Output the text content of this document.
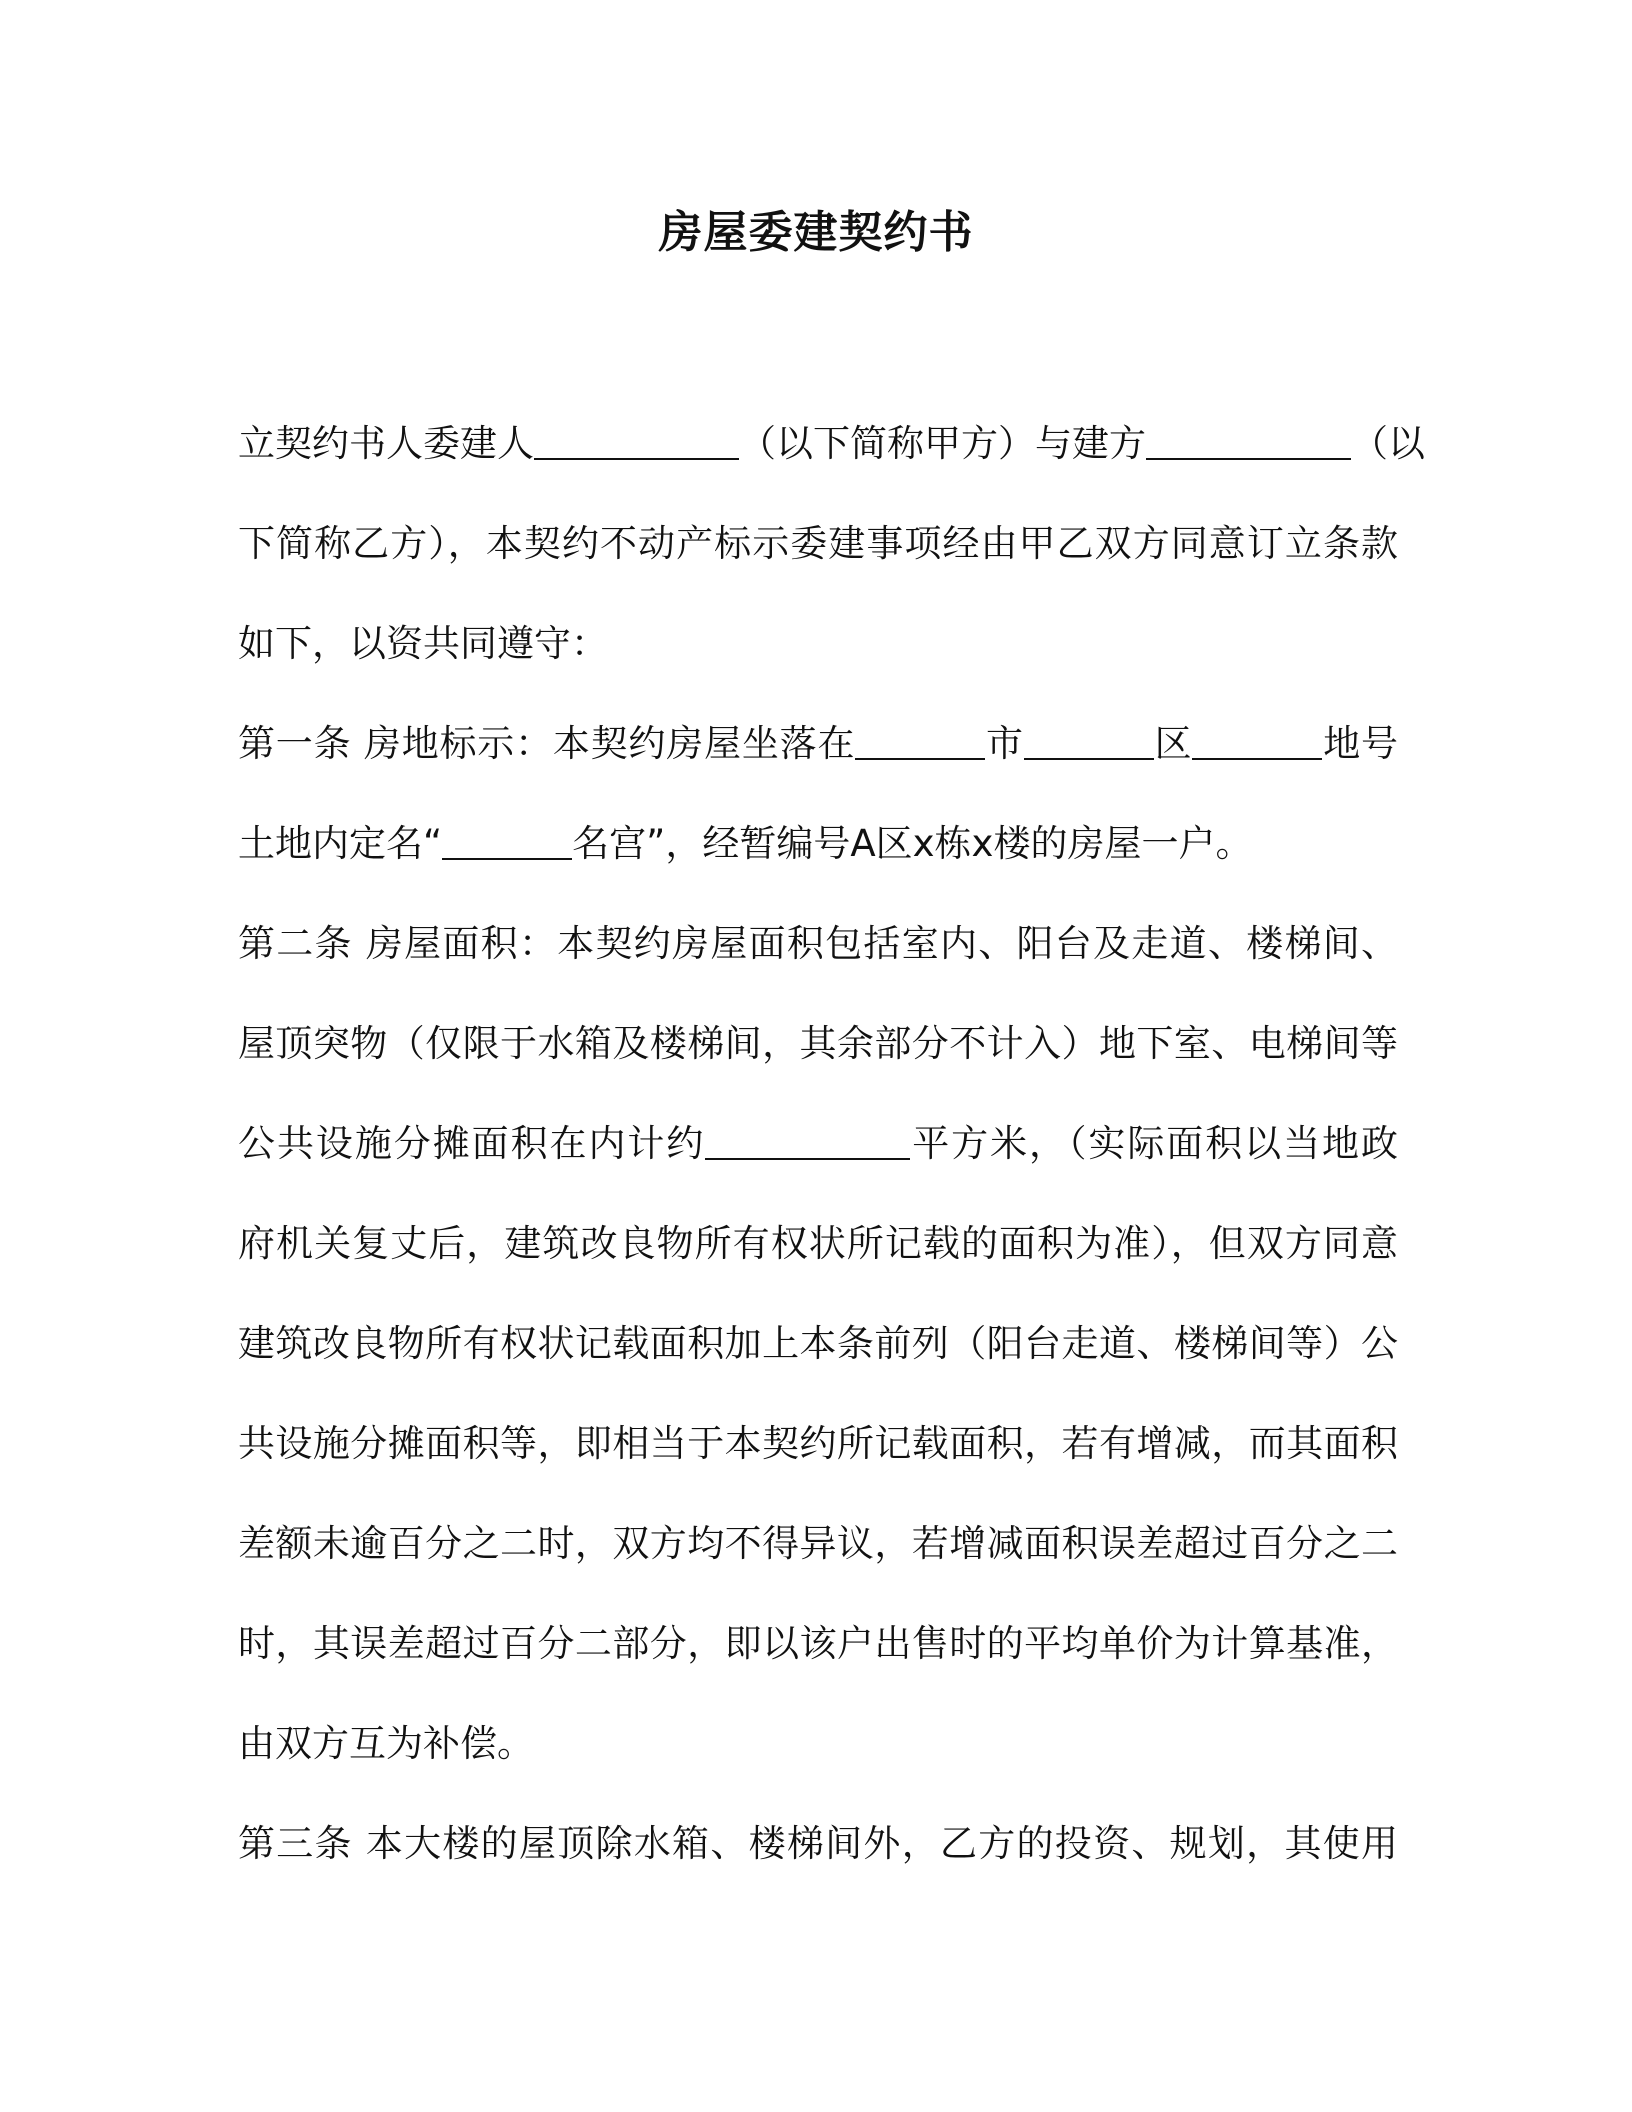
房屋委建契约书
立契约书人委建人	（以下简称甲方）与建方	（以
下简称乙方），本契约不动产标示委建事项经由甲乙双方同意订立条款
如下，以资共同遵守：
第一条 房地标示：本契约房屋坐落在	市	区	地号
土地内定名“	名宫”，经暂编号A区x栋x楼的房屋一户。
第二条 房屋面积：本契约房屋面积包括室内、阳台及走道、楼梯间、
屋顶突物（仅限于水箱及楼梯间，其余部分不计入）地下室、电梯间等
公共设施分摊面积在内计约	平方米，（实际面积以当地政
府机关复丈后，建筑改良物所有权状所记载的面积为准），但双方同意
建筑改良物所有权状记载面积加上本条前列（阳台走道、楼梯间等）公
共设施分摊面积等，即相当于本契约所记载面积，若有增减，而其面积
差额未逾百分之二时，双方均不得异议，若增减面积误差超过百分之二
时，其误差超过百分二部分，即以该户出售时的平均单价为计算基准，
由双方互为补偿。
第三条 本大楼的屋顶除水箱、楼梯间外，乙方的投资、规划，其使用
